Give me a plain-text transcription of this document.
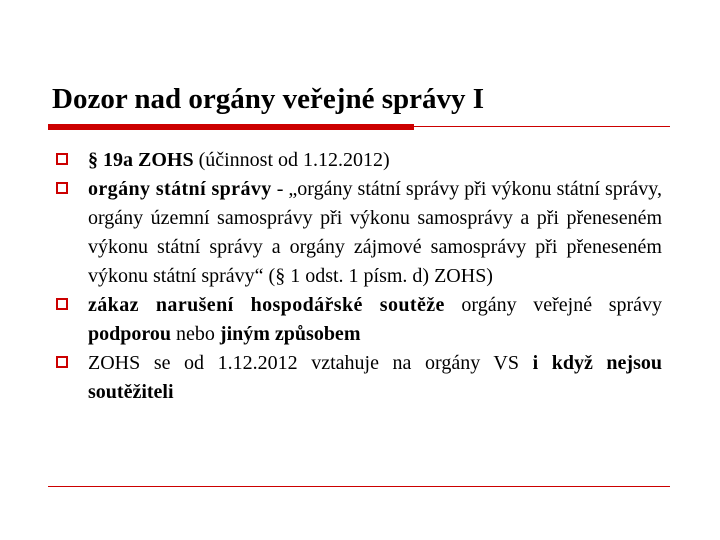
Dozor nad orgány veřejné správy I
§ 19a ZOHS (účinnost od 1.12.2012)
orgány státní správy - „orgány státní správy při výkonu státní správy, orgány územní samosprávy při výkonu samosprávy a při přeneseném výkonu státní správy a orgány zájmové samosprávy při přeneseném výkonu státní správy“ (§ 1 odst. 1 písm. d) ZOHS)
zákaz narušení hospodářské soutěže orgány veřejné správy podporou nebo jiným způsobem
ZOHS se od 1.12.2012 vztahuje na orgány VS i když nejsou soutěžiteli
